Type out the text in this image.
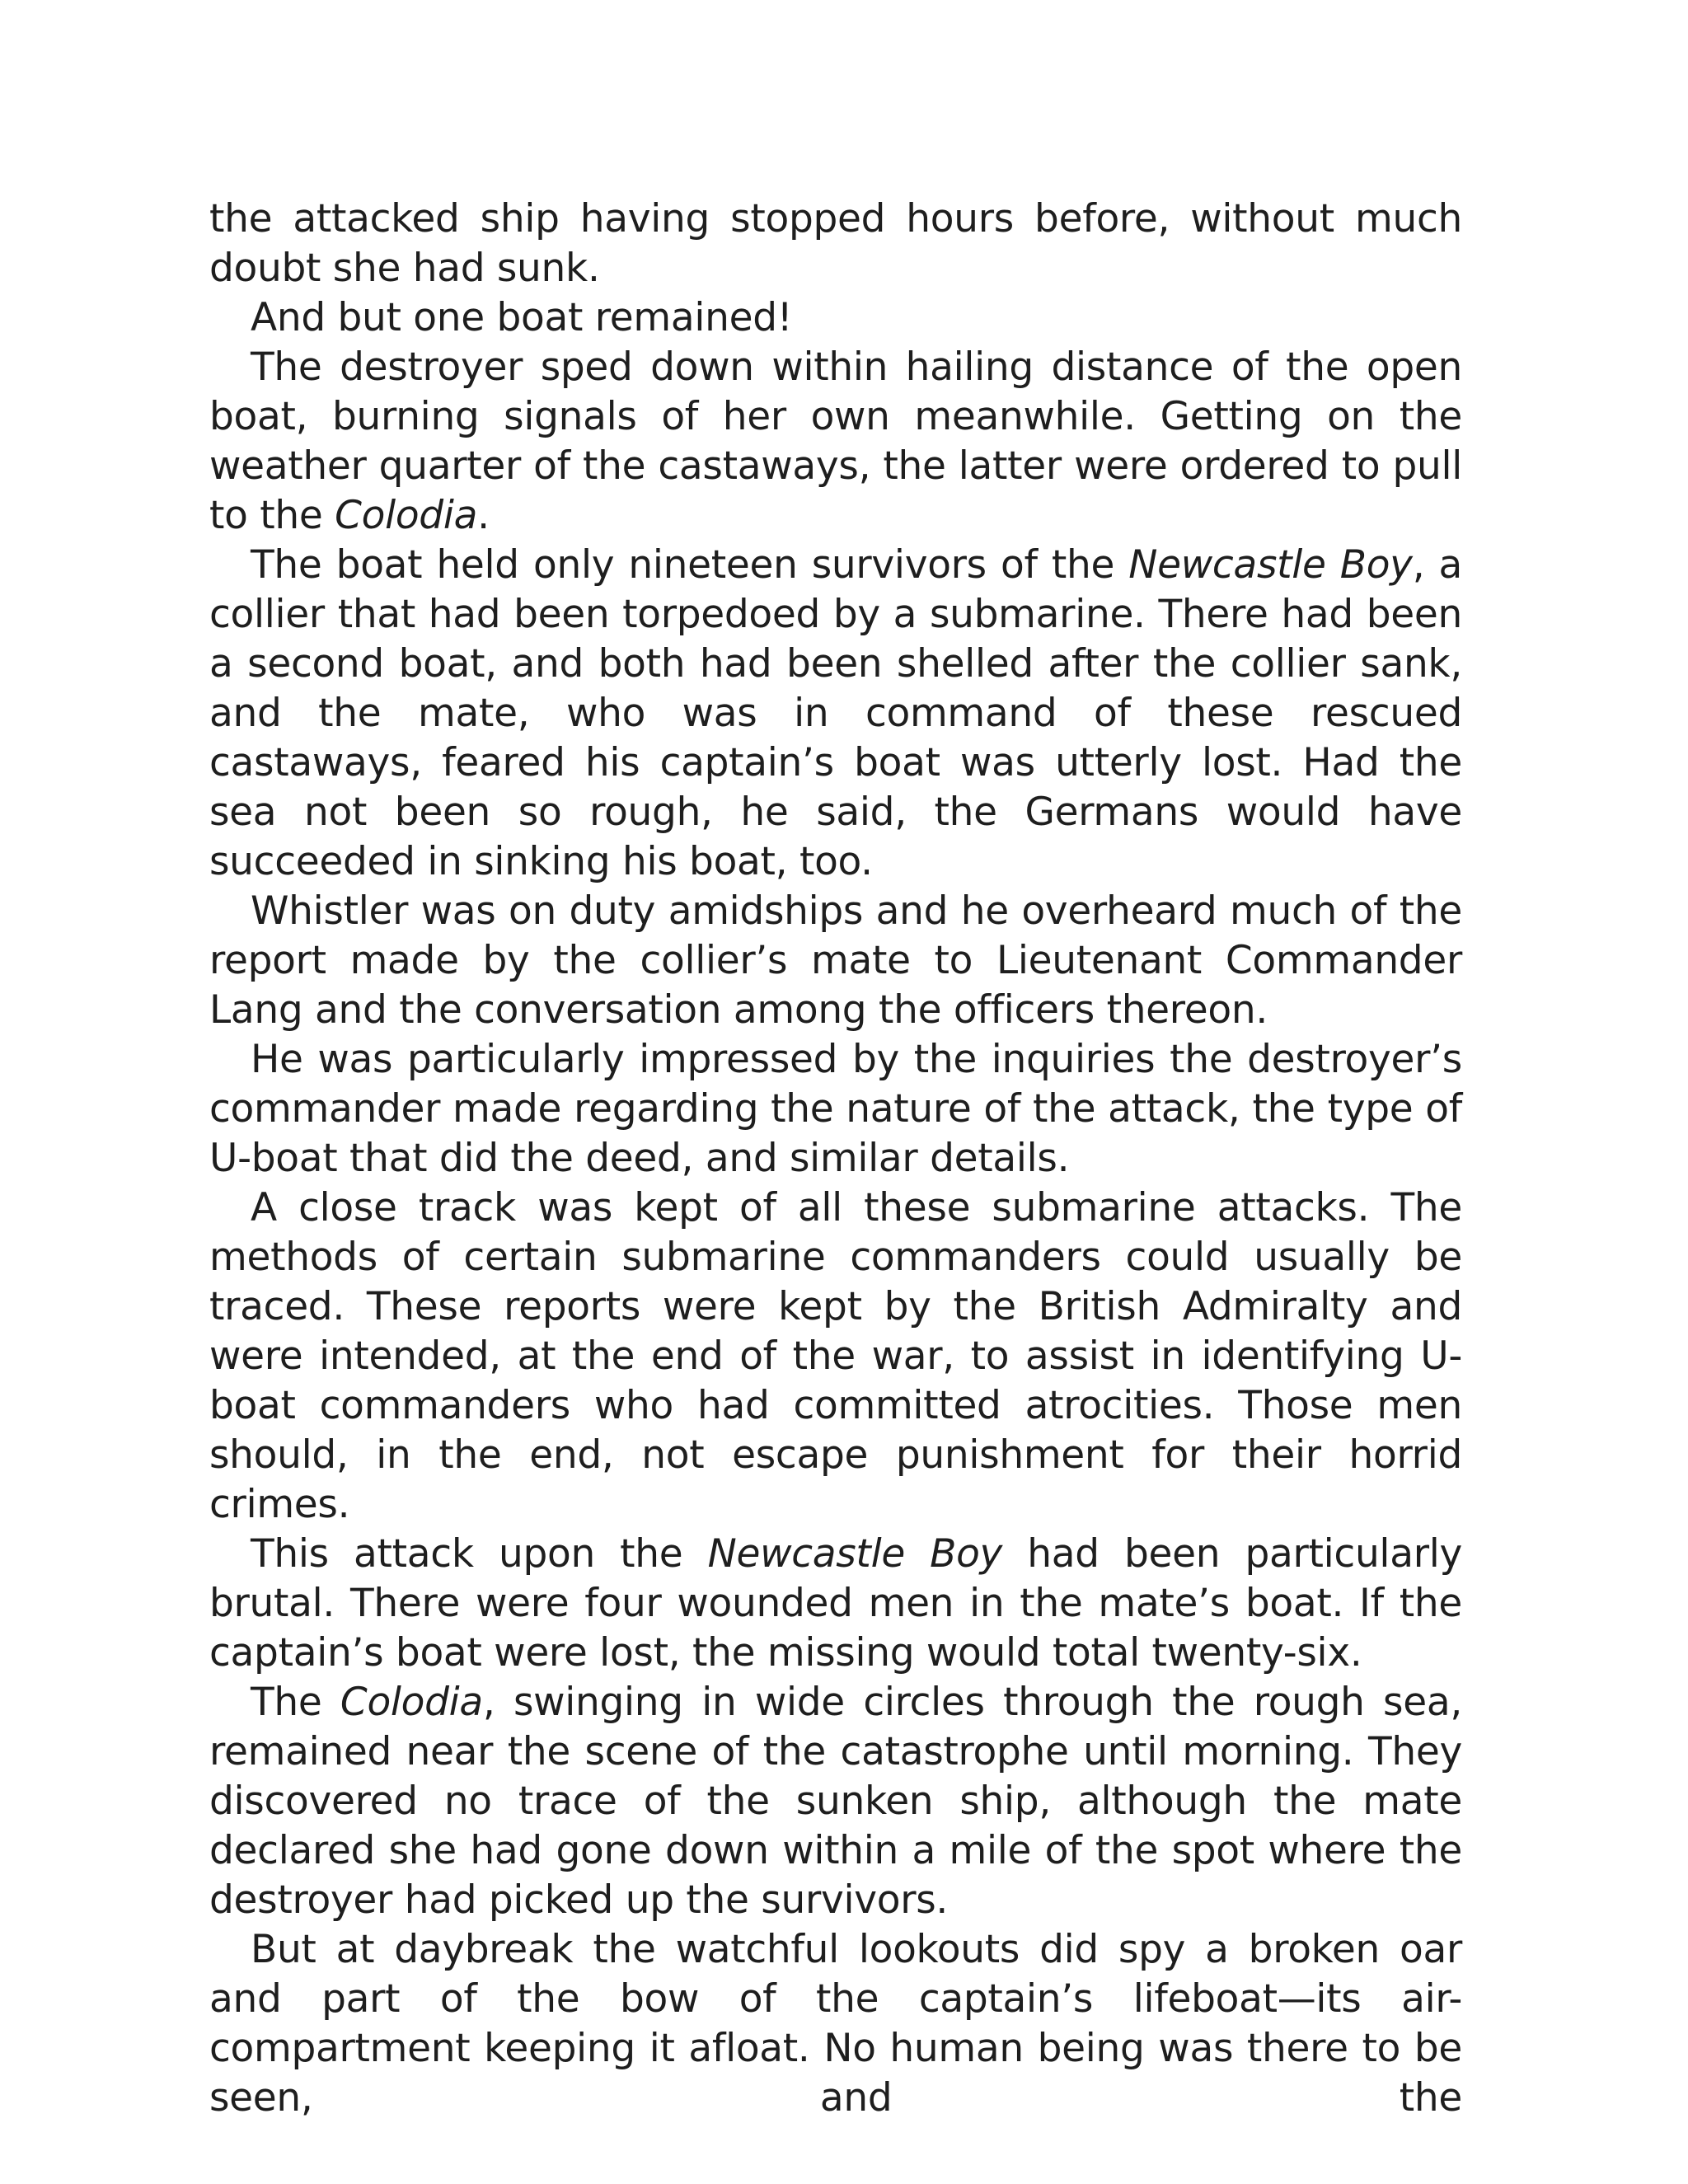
the attacked ship having stopped hours before, without much doubt she had sunk.

And but one boat remained!

The destroyer sped down within hailing distance of the open boat, burning signals of her own meanwhile. Getting on the weather quarter of the castaways, the latter were ordered to pull to the Colodia.

The boat held only nineteen survivors of the Newcastle Boy, a collier that had been torpedoed by a submarine. There had been a second boat, and both had been shelled after the collier sank, and the mate, who was in command of these rescued castaways, feared his captain’s boat was utterly lost. Had the sea not been so rough, he said, the Germans would have succeeded in sinking his boat, too.

Whistler was on duty amidships and he overheard much of the report made by the collier’s mate to Lieutenant Commander Lang and the conversation among the officers thereon.

He was particularly impressed by the inquiries the destroyer’s commander made regarding the nature of the attack, the type of U-boat that did the deed, and similar details.

A close track was kept of all these submarine attacks. The methods of certain submarine commanders could usually be traced. These reports were kept by the British Admiralty and were intended, at the end of the war, to assist in identifying U-boat commanders who had committed atrocities. Those men should, in the end, not escape punishment for their horrid crimes.

This attack upon the Newcastle Boy had been particularly brutal. There were four wounded men in the mate’s boat. If the captain’s boat were lost, the missing would total twenty-six.

The Colodia, swinging in wide circles through the rough sea, remained near the scene of the catastrophe until morning. They discovered no trace of the sunken ship, although the mate declared she had gone down within a mile of the spot where the destroyer had picked up the survivors.

But at daybreak the watchful lookouts did spy a broken oar and part of the bow of the captain’s lifeboat—its air-compartment keeping it afloat. No human being was there to be seen, and the
